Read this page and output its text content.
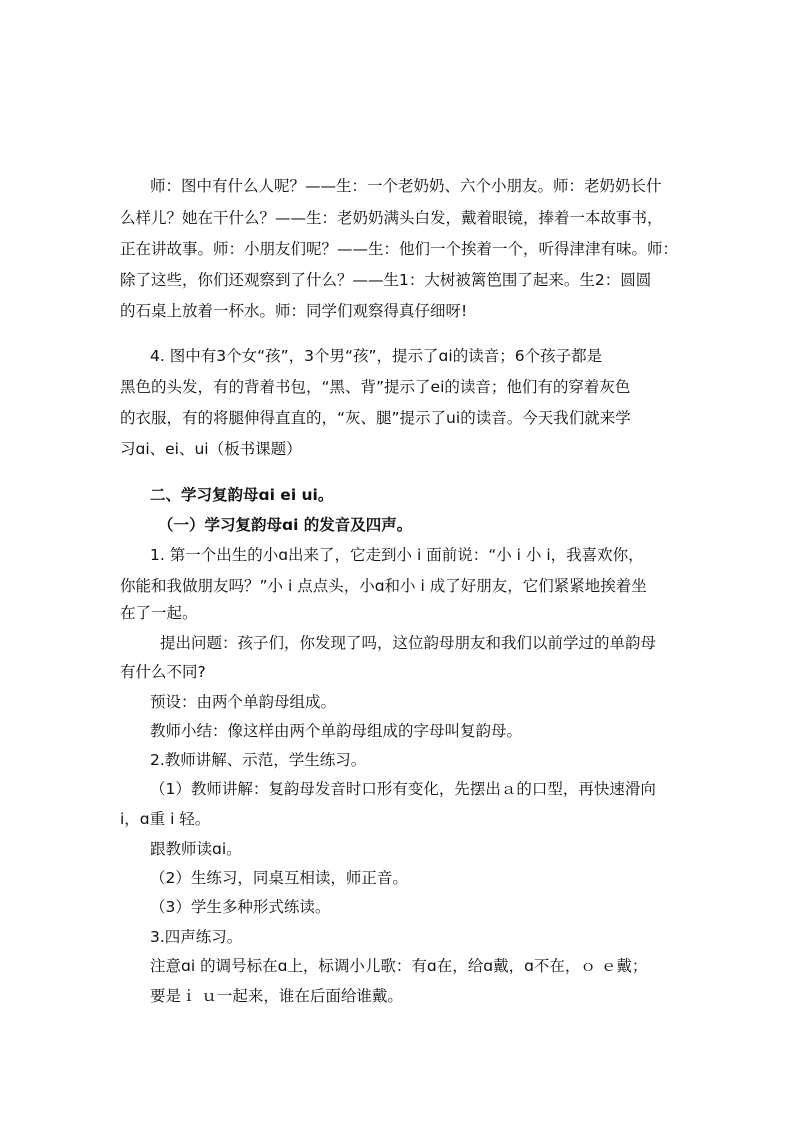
师：图中有什么人呢？——生：一个老奶奶、六个小朋友。师：老奶奶长什
么样儿？她在干什么？——生：老奶奶满头白发，戴着眼镜，捧着一本故事书，
正在讲故事。师：小朋友们呢？——生：他们一个挨着一个，听得津津有味。师：
除了这些，你们还观察到了什么？——生1：大树被篱笆围了起来。生2：圆圆
的石桌上放着一杯水。师：同学们观察得真仔细呀!
4. 图中有3个女“孩”，3个男“孩”，提示了ɑi的读音；6个孩子都是
黑色的头发，有的背着书包，“黑、背”提示了ei的读音；他们有的穿着灰色
的衣服，有的将腿伸得直直的，“灰、腿”提示了ui的读音。今天我们就来学
习ɑi、ei、ui（板书课题）
二、学习复韵母ɑi ei ui。
（一）学习复韵母ɑi 的发音及四声。
1. 第一个出生的小ɑ出来了，它走到小 i 面前说：“小 i 小 i，我喜欢你，
你能和我做朋友吗？”小 i 点点头，小ɑ和小 i 成了好朋友，它们紧紧地挨着坐
在了一起。
提出问题：孩子们，你发现了吗，这位韵母朋友和我们以前学过的单韵母
有什么不同?
预设：由两个单韵母组成。
教师小结：像这样由两个单韵母组成的字母叫复韵母。
2.教师讲解、示范，学生练习。
（1）教师讲解：复韵母发音时口形有变化，先摆出ａ的口型，再快速滑向
i，ɑ重 i 轻。
跟教师读ɑi。
（2）生练习，同桌互相读，师正音。
（3）学生多种形式练读。
3.四声练习。
注意ɑi 的调号标在ɑ上，标调小儿歌：有ɑ在，给ɑ戴，ɑ不在，ｏ ｅ戴；
要是ｉ ｕ一起来，谁在后面给谁戴。
